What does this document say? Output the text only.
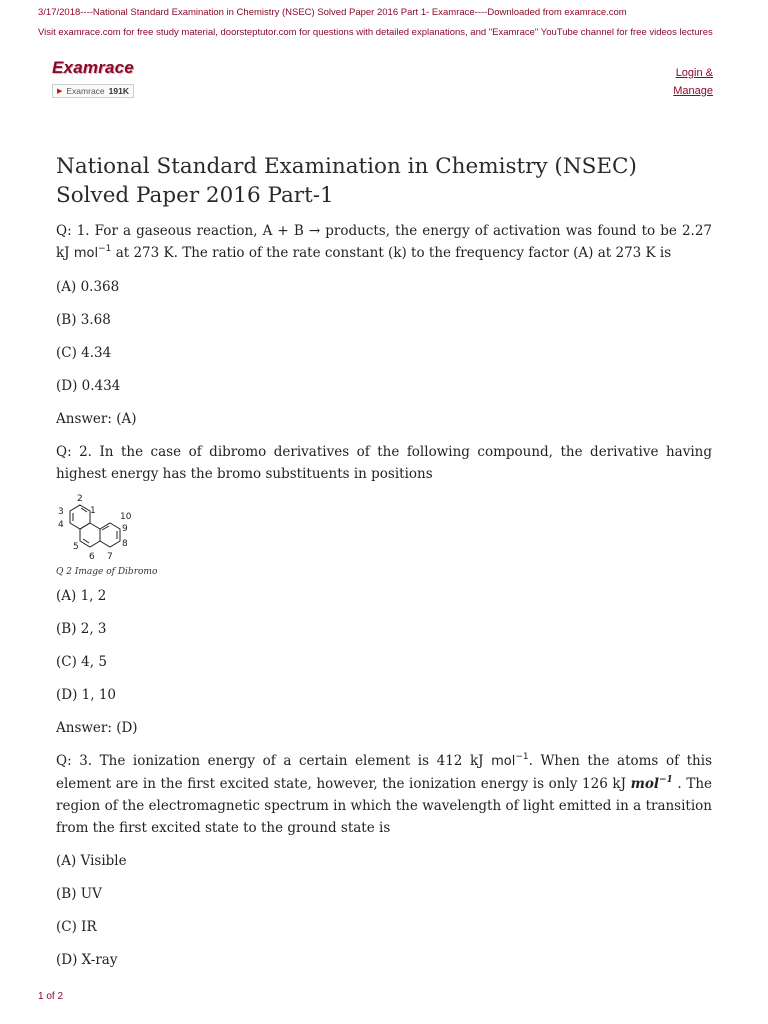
3/17/2018----National Standard Examination in Chemistry (NSEC) Solved Paper 2016 Part 1- Examrace----Downloaded from examrace.com
Visit examrace.com for free study material, doorsteptutor.com for questions with detailed explanations, and "Examrace" YouTube channel for free videos lectures
Examrace
▶ Examrace 191K
Login &
Manage
National Standard Examination in Chemistry (NSEC) Solved Paper 2016 Part-1
Q: 1. For a gaseous reaction, A + B → products, the energy of activation was found to be 2.27 kJ mol$^{-1}$ at 273 K. The ratio of the rate constant (k) to the frequency factor (A) at 273 K is
(A) 0.368
(B) 3.68
(C) 4.34
(D) 0.434
Answer: (A)
Q: 2. In the case of dibromo derivatives of the following compound, the derivative having highest energy has the bromo substituents in positions
1
2
3
4
5
6 7
8
9
10
Q 2 Image of Dibromo
(A) 1, 2
(B) 2, 3
(C) 4, 5
(D) 1, 10
Answer: (D)
Q: 3. The ionization energy of a certain element is 412 kJ mol$^{-1}$. When the atoms of this element are in the first excited state, however, the ionization energy is only 126 kJ mol$^{-1}$ . The region of the electromagnetic spectrum in which the wavelength of light emitted in a transition from the first excited state to the ground state is
(A) Visible
(B) UV
(C) IR
(D) X-ray
1 of 2
